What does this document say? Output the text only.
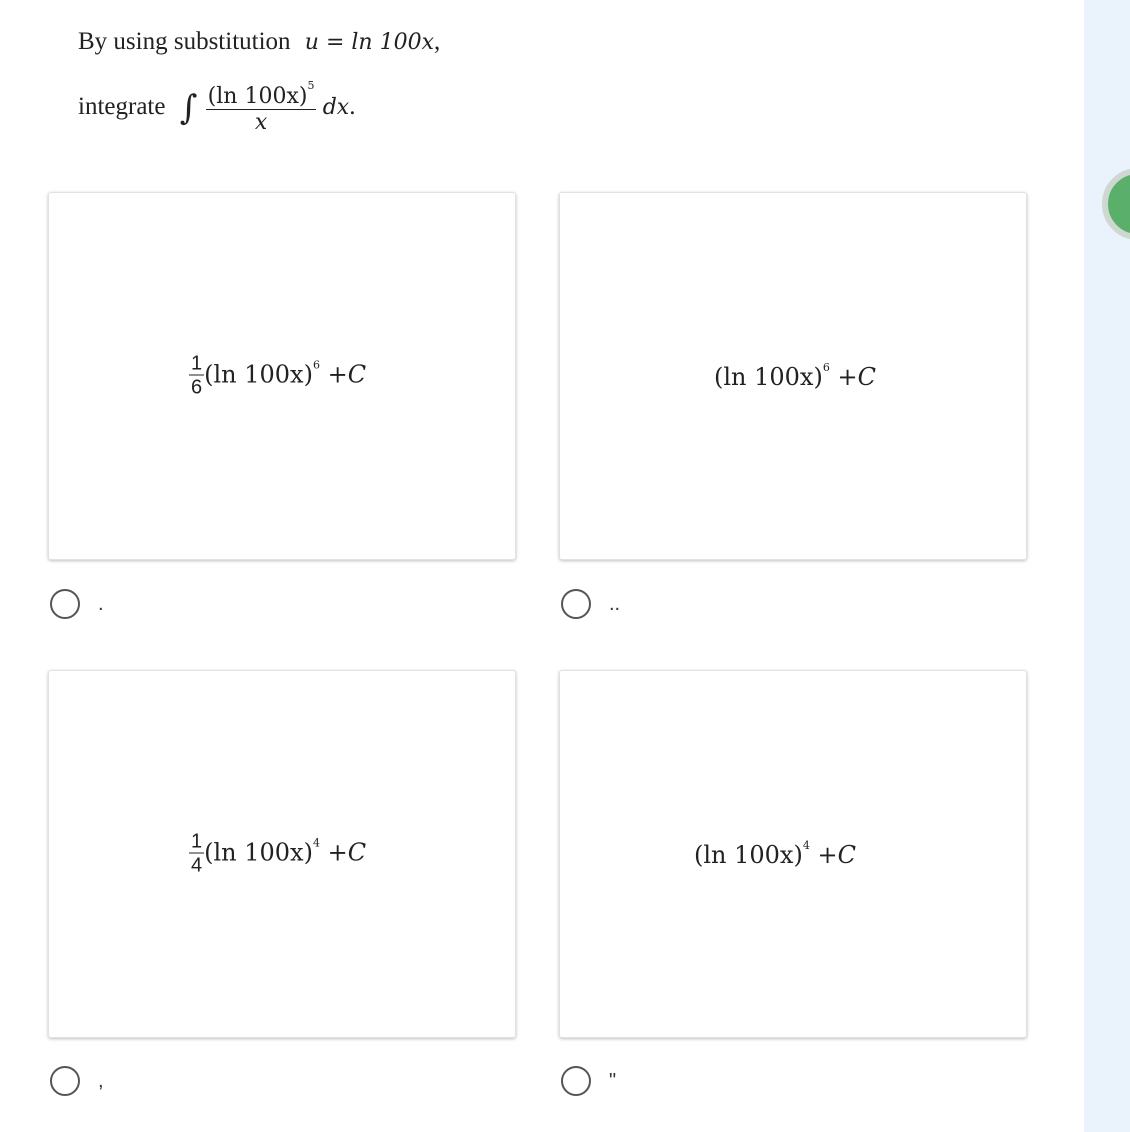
By using substitution u = ln 100x,
integrate ∫ $\frac{(\ln 100x)^5}{x}$ dx.
$\frac{1}{6} (\ln$ 100x)$^6$ +C
.
(ln 100x)$^6$ +C
..
$\frac{1}{4} (\ln$ 100x)$^4$ +C
,
(ln 100x)$^4$ +C
"
